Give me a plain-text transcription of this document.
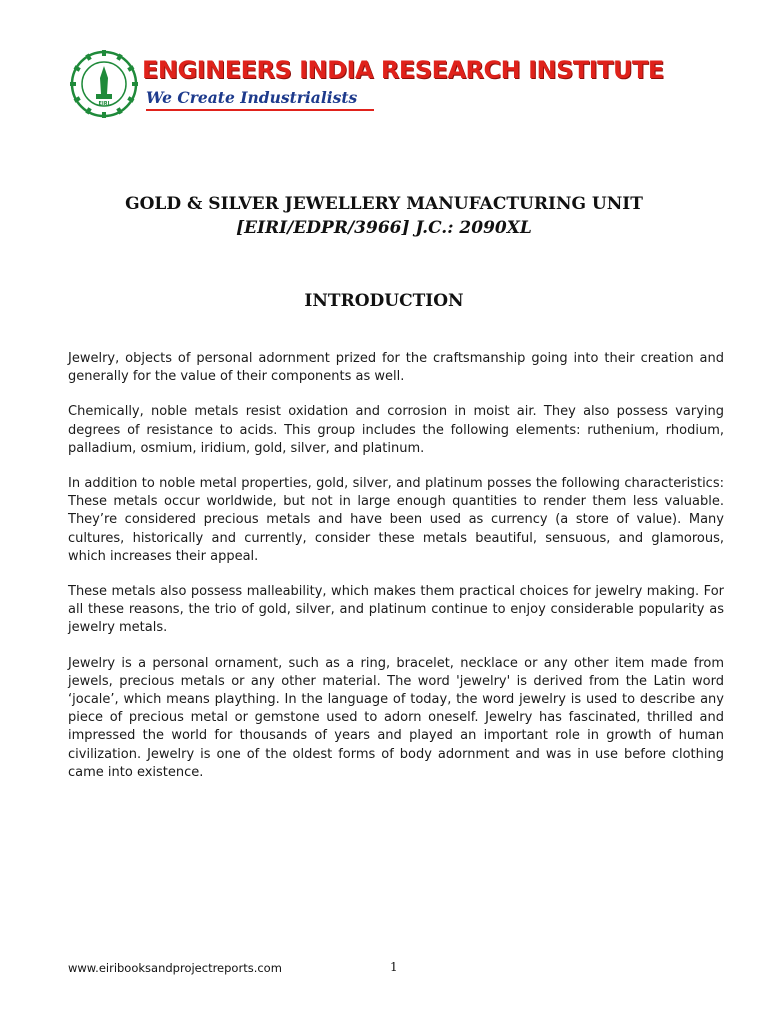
EIRI
ENGINEERS INDIA RESEARCH INSTITUTE
We Create Industrialists
GOLD & SILVER JEWELLERY MANUFACTURING UNIT
[EIRI/EDPR/3966] J.C.: 2090XL
INTRODUCTION

Jewelry, objects of personal adornment prized for the craftsmanship going into their creation and generally for the value of their components as well.

Chemically, noble metals resist oxidation and corrosion in moist air. They also possess varying degrees of resistance to acids. This group includes the following elements: ruthenium, rhodium, palladium, osmium, iridium, gold, silver, and platinum.

In addition to noble metal properties, gold, silver, and platinum posses the following characteristics: These metals occur worldwide, but not in large enough quantities to render them less valuable. They’re considered precious metals and have been used as currency (a store of value). Many cultures, historically and currently, consider these metals beautiful, sensuous, and glamorous, which increases their appeal.

These metals also possess malleability, which makes them practical choices for jewelry making. For all these reasons, the trio of gold, silver, and platinum continue to enjoy considerable popularity as jewelry metals.

Jewelry is a personal ornament, such as a ring, bracelet, necklace or any other item made from jewels, precious metals or any other material. The word 'jewelry' is derived from the Latin word ‘jocale’, which means plaything. In the language of today, the word jewelry is used to describe any piece of precious metal or gemstone used to adorn oneself. Jewelry has fascinated, thrilled and impressed the world for thousands of years and played an important role in growth of human civilization. Jewelry is one of the oldest forms of body adornment and was in use before clothing came into existence.

www.eiribooksandprojectreports.com	1
